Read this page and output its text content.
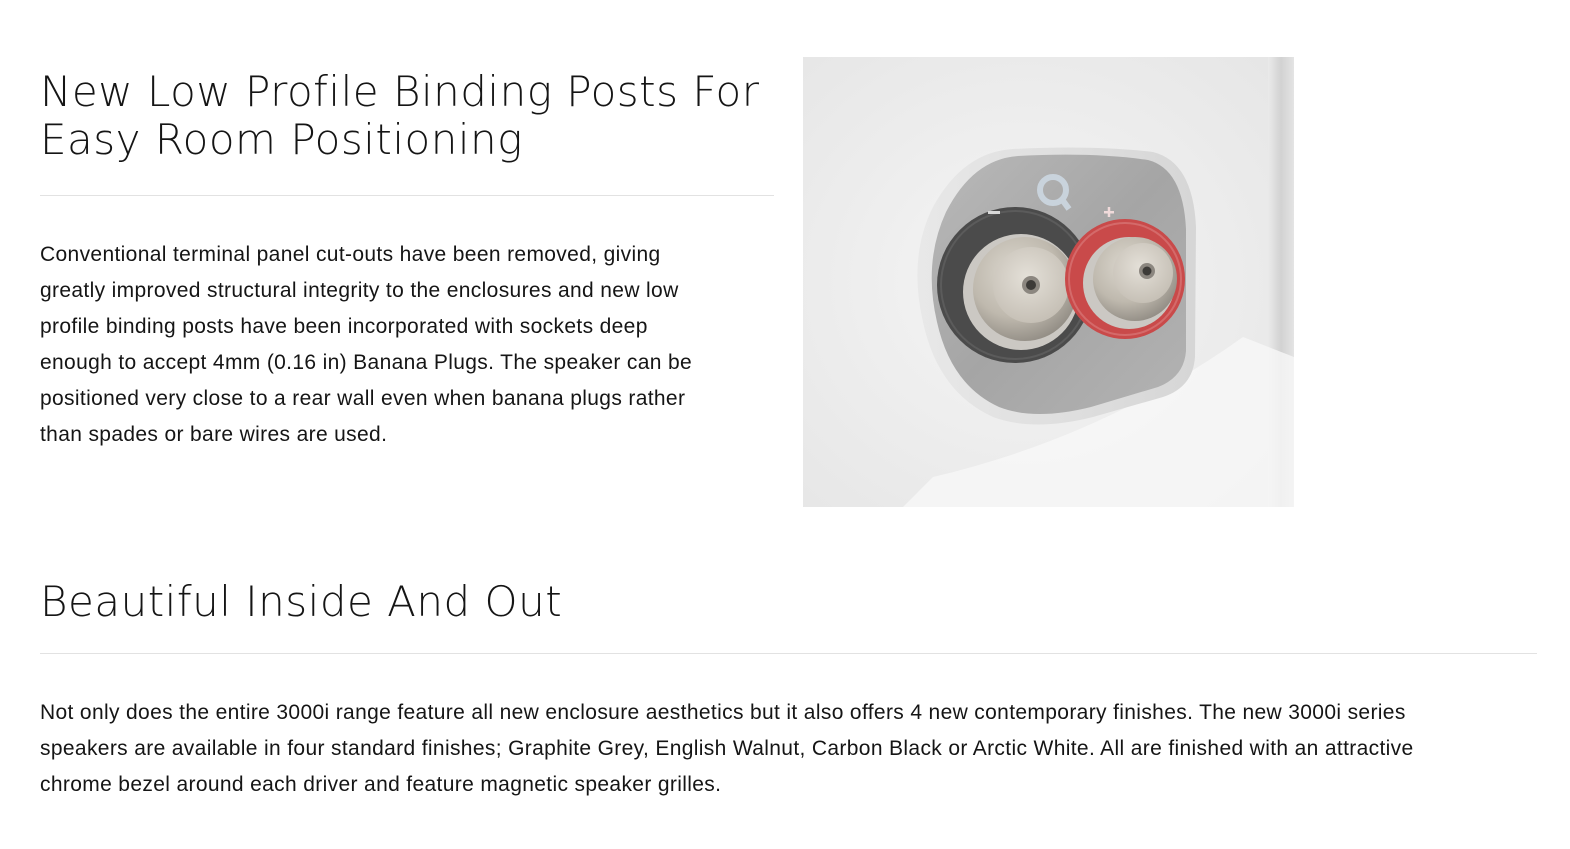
New Low Profile Binding Posts For
Easy Room Positioning

Conventional terminal panel cut-outs have been removed, giving
greatly improved structural integrity to the enclosures and new low
profile binding posts have been incorporated with sockets deep
enough to accept 4mm (0.16 in) Banana Plugs. The speaker can be
positioned very close to a rear wall even when banana plugs rather
than spades or bare wires are used.

Beautiful Inside And Out

Not only does the entire 3000i range feature all new enclosure aesthetics but it also offers 4 new contemporary finishes. The new 3000i series
speakers are available in four standard finishes; Graphite Grey, English Walnut, Carbon Black or Arctic White. All are finished with an attractive
chrome bezel around each driver and feature magnetic speaker grilles.
